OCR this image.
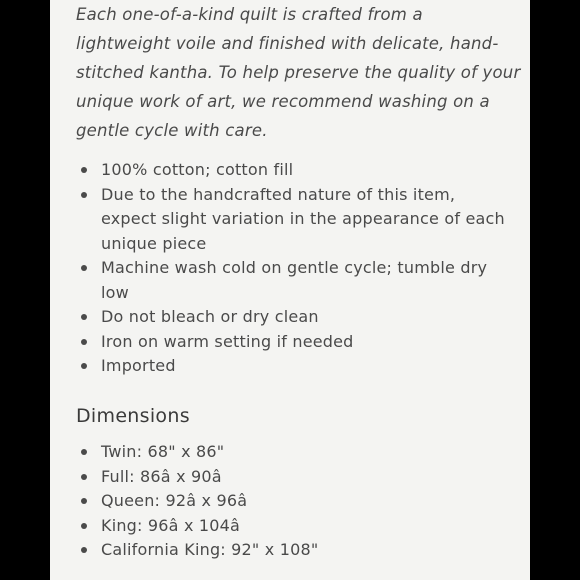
Each one-of-a-kind quilt is crafted from a
lightweight voile and finished with delicate, hand-
stitched kantha. To help preserve the quality of your
unique work of art, we recommend washing on a
gentle cycle with care.

100% cotton; cotton fill
Due to the handcrafted nature of this item,
expect slight variation in the appearance of each
unique piece
Machine wash cold on gentle cycle; tumble dry
low
Do not bleach or dry clean
Iron on warm setting if needed
Imported
Dimensions
Twin: 68" x 86"
Full: 86â x 90â
Queen: 92â x 96â
King: 96â x 104â
California King: 92" x 108"
